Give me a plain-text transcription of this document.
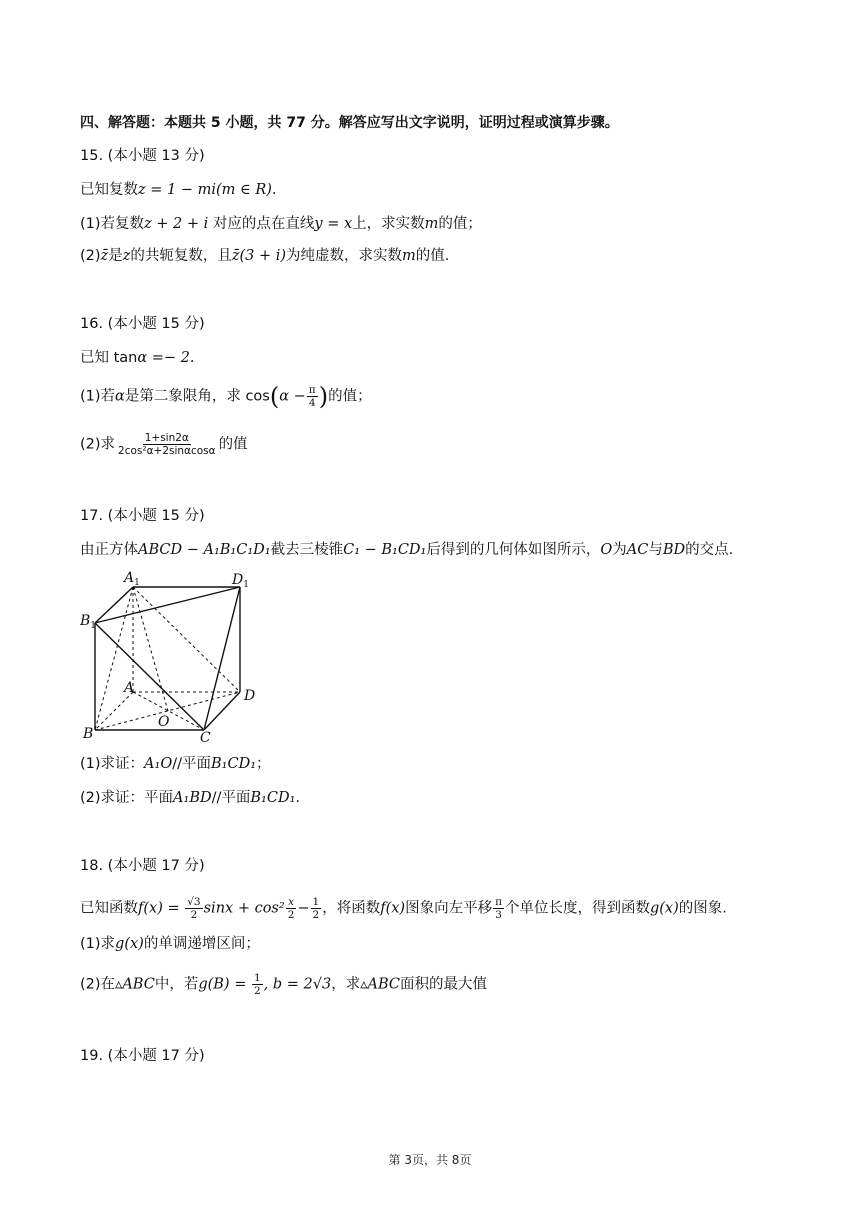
四、解答题：本题共 5 小题，共 77 分。解答应写出文字说明，证明过程或演算步骤。
15. (本小题 13 分)
已知复数z = 1 − mi(m ∈ R).
(1)若复数z + 2 + i 对应的点在直线y = x上，求实数m的值；
(2)z̄是z的共轭复数，且z̄(3 + i)为纯虚数，求实数m的值.
16. (本小题 15 分)
已知 tanα =− 2.
(1)若α是第二象限角，求 $\cos(\alpha - \frac{\pi}{4}$ )的值；
(2)求 $\frac{1+\sin 2\alpha}{\text{2cos²α+2sinαcosα}}$ 的值
17. (本小题 15 分)
由正方体ABCD − A₁B₁C₁D₁截去三棱锥C₁ − B₁CD₁后得到的几何体如图所示，O为AC与BD的交点.
$A_1$	$D_1$
$B_1$
A	D
B	C
O
(1)求证：A₁O//平面B₁CD₁；
(2)求证：平面A₁BD//平面B₁CD₁.
18. (本小题 17 分)
已知函数$f(x) = \frac{√3}{2}$ $\sin x + \cos^2 \frac{x}{2} - \frac{1}{2}$ ，将函数f(x)图象向左平移 $\frac{\pi}{3}$ 个单位长度，得到函数g(x)的图象.
(1)求g(x)的单调递增区间；
(2)在▵ABC中，若$g(B) = \frac{1}{2}$ , b = 2√3，求▵ABC面积的最大值
19. (本小题 17 分)
第 3页，共 8页
